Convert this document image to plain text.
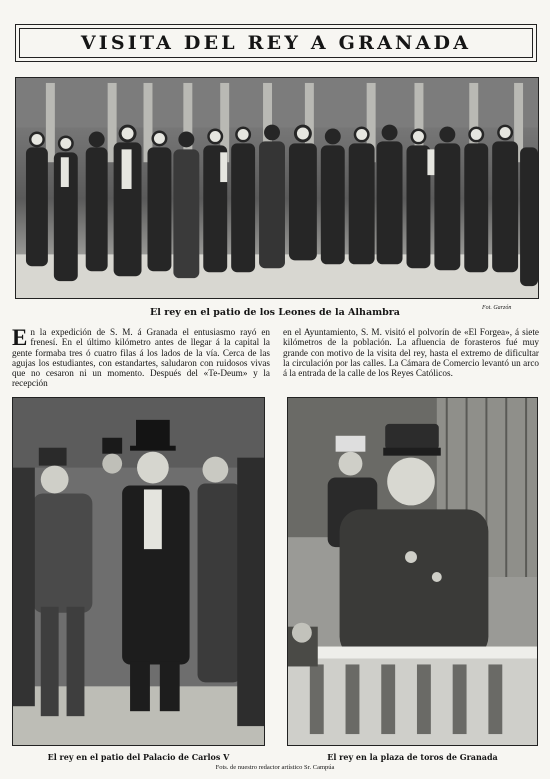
VISITA DEL REY A GRANADA
El rey en el patio de los Leones de la Alhambra	Fot. Garzón
En la expedición de S. M. á Granada el entusiasmo rayó en frenesí. En el último kilómetro antes de llegar á la capital la gente formaba tres ó cuatro filas á los lados de la vía. Cerca de las agujas los estudiantes, con estandartes, saludaron con ruidosos vivas que no cesaron ni un momento. Después del «Te-Deum» y la recepción
en el Ayuntamiento, S. M. visitó el polvorín de «El Forgea», á siete kilómetros de la población. La afluencia de forasteros fué muy grande con motivo de la visita del rey, hasta el extremo de dificultar la circulación por las calles. La Cámara de Comercio levantó un arco á la entrada de la calle de los Reyes Católicos.
El rey en el patio del Palacio de Carlos V	El rey en la plaza de toros de Granada
Fots. de nuestro redactor artístico Sr. Campúa
